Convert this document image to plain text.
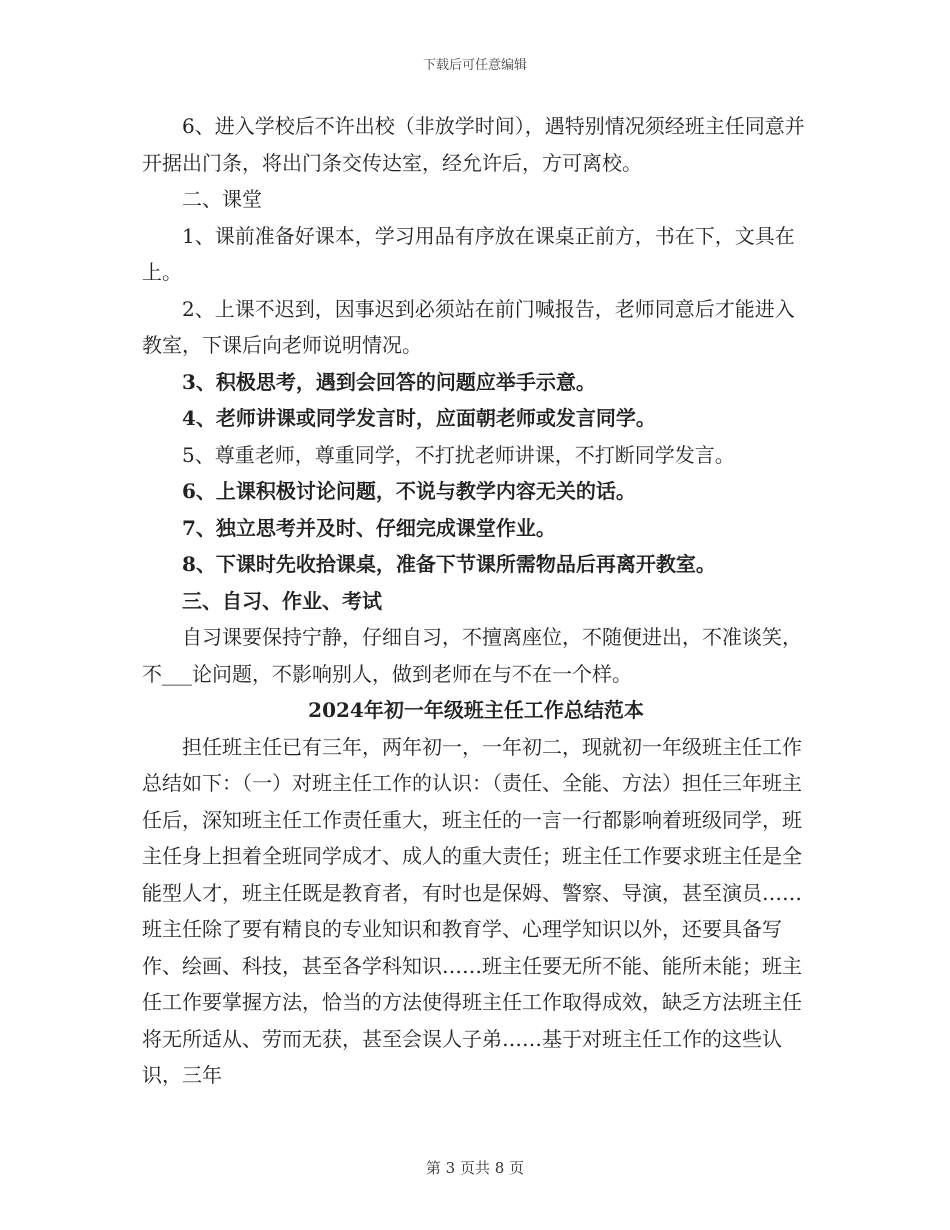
下载后可任意编辑

6、进入学校后不许出校（非放学时间），遇特别情况须经班主任同意并开据出门条，将出门条交传达室，经允许后，方可离校。

二、课堂

1、课前准备好课本，学习用品有序放在课桌正前方，书在下，文具在上。

2、上课不迟到，因事迟到必须站在前门喊报告，老师同意后才能进入教室，下课后向老师说明情况。

3、积极思考，遇到会回答的问题应举手示意。

4、老师讲课或同学发言时，应面朝老师或发言同学。

5、尊重老师，尊重同学，不打扰老师讲课，不打断同学发言。

6、上课积极讨论问题，不说与教学内容无关的话。

7、独立思考并及时、仔细完成课堂作业。

8、下课时先收拾课桌，准备下节课所需物品后再离开教室。

三、自习、作业、考试

自习课要保持宁静，仔细自习，不擅离座位，不随便进出，不准谈笑，不___论问题，不影响别人，做到老师在与不在一个样。

2024年初一年级班主任工作总结范本

担任班主任已有三年，两年初一，一年初二，现就初一年级班主任工作总结如下：（一）对班主任工作的认识：（责任、全能、方法）担任三年班主任后，深知班主任工作责任重大，班主任的一言一行都影响着班级同学，班主任身上担着全班同学成才、成人的重大责任；班主任工作要求班主任是全能型人才，班主任既是教育者，有时也是保姆、警察、导演，甚至演员……班主任除了要有精良的专业知识和教育学、心理学知识以外，还要具备写作、绘画、科技，甚至各学科知识……班主任要无所不能、能所未能；班主任工作要掌握方法，恰当的方法使得班主任工作取得成效，缺乏方法班主任将无所适从、劳而无获，甚至会误人子弟……基于对班主任工作的这些认识，三年

第 3 页共 8 页
